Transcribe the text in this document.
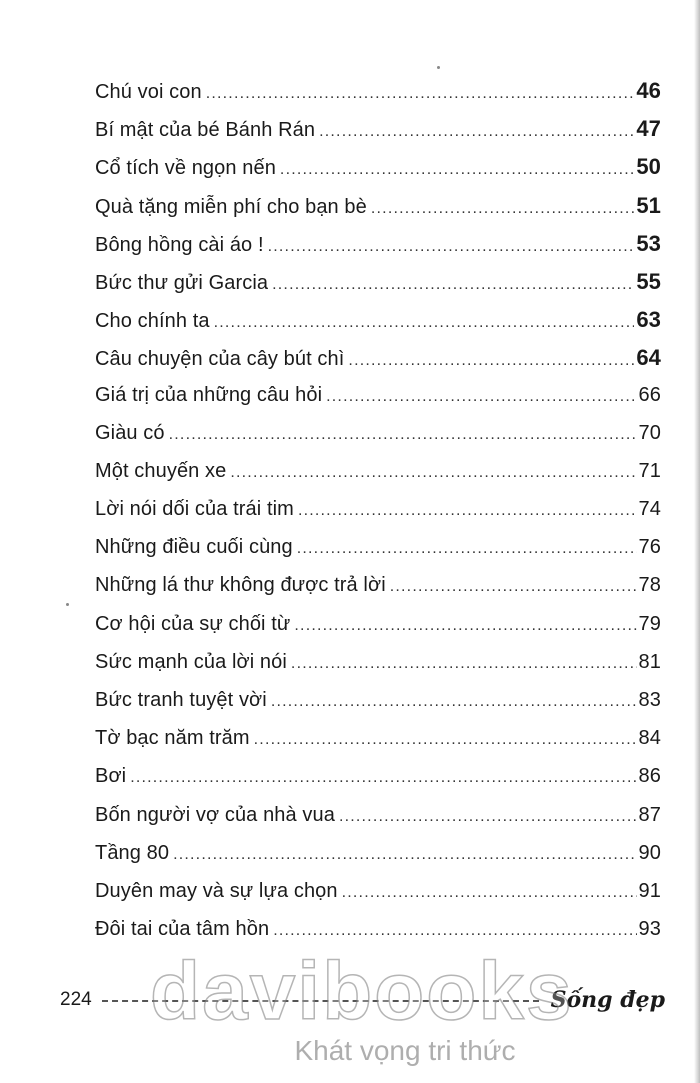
Chú voi con .....	46
Bí mật của bé Bánh Rán .....	47
Cổ tích về ngọn nến .....	50
Quà tặng miễn phí cho bạn bè .....	51
Bông hồng cài áo ! .....	53
Bức thư gửi Garcia .....	55
Cho chính ta .....	63
Câu chuyện của cây bút chì .....	64
Giá trị của những câu hỏi .....	66
Giàu có .....	70
Một chuyến xe .....	71
Lời nói dối của trái tim .....	74
Những điều cuối cùng .....	76
Những lá thư không được trả lời .....	78
Cơ hội của sự chối từ .....	79
Sức mạnh của lời nói .....	81
Bức tranh tuyệt vời .....	83
Tờ bạc năm trăm .....	84
Bơi .....	86
Bốn người vợ của nhà vua .....	87
Tầng 80 .....	90
Duyên may và sự lựa chọn .....	91
Đôi tai của tâm hồn .....	93
224	Sống đẹp
davibooks
Khát vọng tri thức
